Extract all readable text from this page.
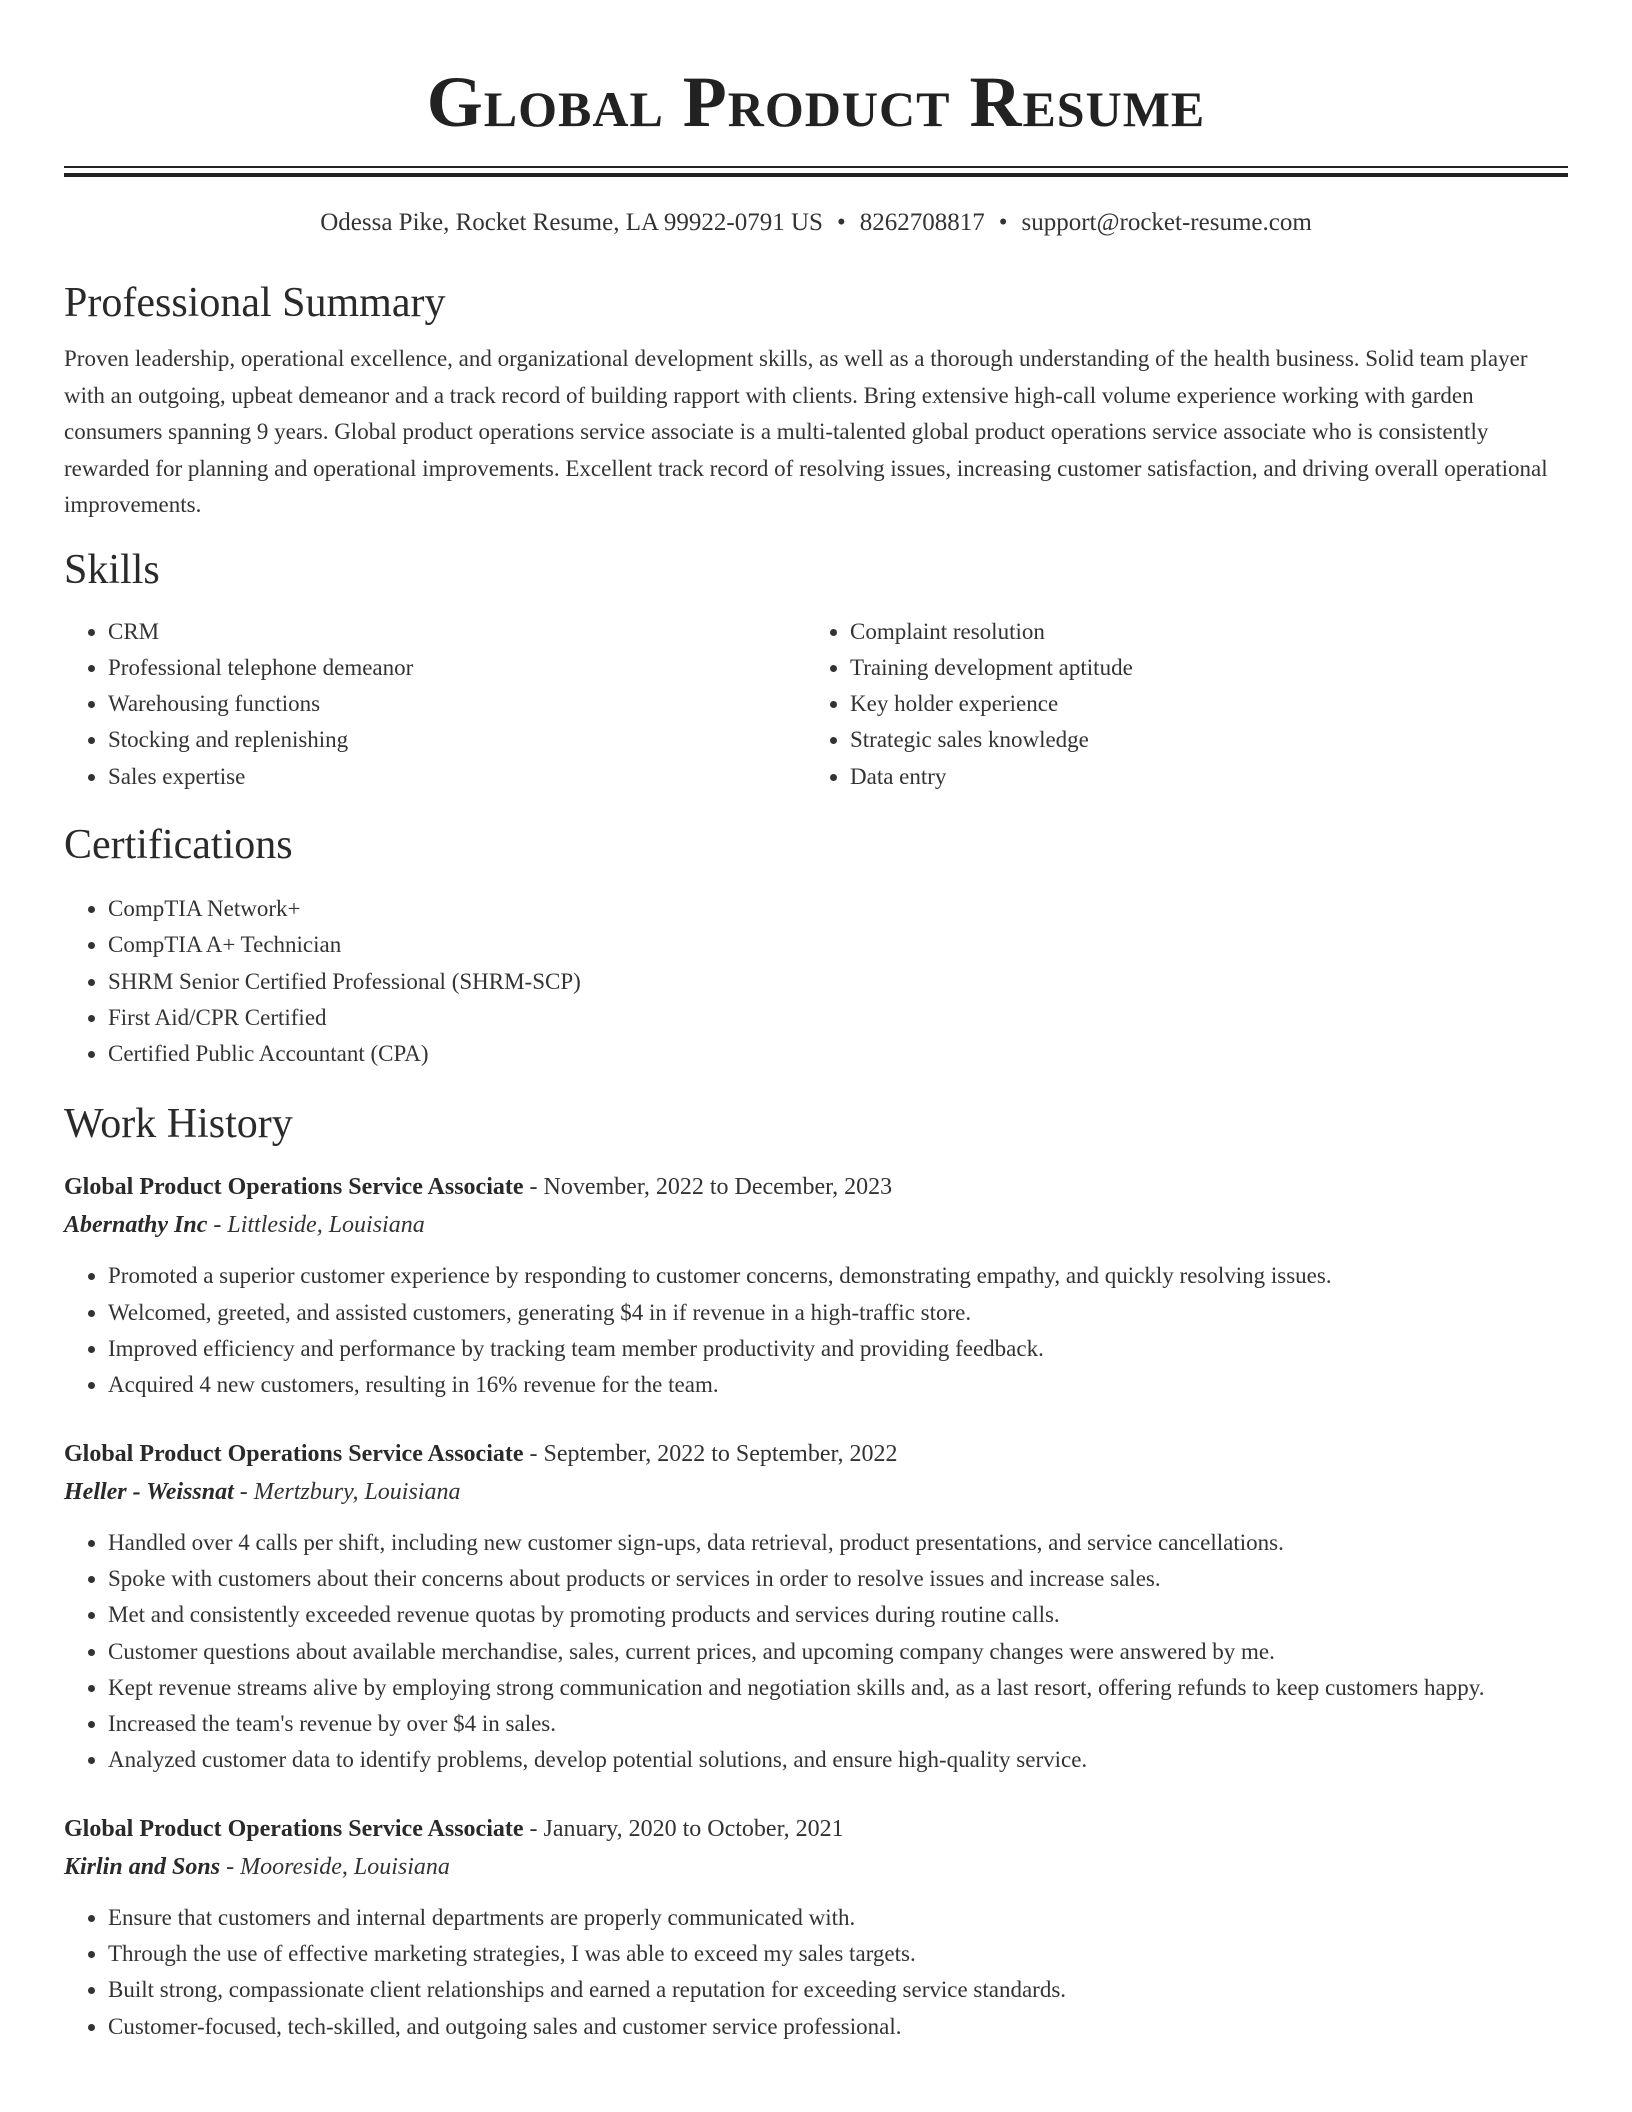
Global Product Resume
Odessa Pike, Rocket Resume, LA 99922-0791 US • 8262708817 • support@rocket-resume.com
Professional Summary
Proven leadership, operational excellence, and organizational development skills, as well as a thorough understanding of the health business. Solid team player with an outgoing, upbeat demeanor and a track record of building rapport with clients. Bring extensive high-call volume experience working with garden consumers spanning 9 years. Global product operations service associate is a multi-talented global product operations service associate who is consistently rewarded for planning and operational improvements. Excellent track record of resolving issues, increasing customer satisfaction, and driving overall operational improvements.
Skills
• CRM
• Professional telephone demeanor
• Warehousing functions
• Stocking and replenishing
• Sales expertise
• Complaint resolution
• Training development aptitude
• Key holder experience
• Strategic sales knowledge
• Data entry
Certifications
• CompTIA Network+
• CompTIA A+ Technician
• SHRM Senior Certified Professional (SHRM-SCP)
• First Aid/CPR Certified
• Certified Public Accountant (CPA)
Work History
Global Product Operations Service Associate - November, 2022 to December, 2023
Abernathy Inc - Littleside, Louisiana
• Promoted a superior customer experience by responding to customer concerns, demonstrating empathy, and quickly resolving issues.
• Welcomed, greeted, and assisted customers, generating $4 in if revenue in a high-traffic store.
• Improved efficiency and performance by tracking team member productivity and providing feedback.
• Acquired 4 new customers, resulting in 16% revenue for the team.
Global Product Operations Service Associate - September, 2022 to September, 2022
Heller - Weissnat - Mertzbury, Louisiana
• Handled over 4 calls per shift, including new customer sign-ups, data retrieval, product presentations, and service cancellations.
• Spoke with customers about their concerns about products or services in order to resolve issues and increase sales.
• Met and consistently exceeded revenue quotas by promoting products and services during routine calls.
• Customer questions about available merchandise, sales, current prices, and upcoming company changes were answered by me.
• Kept revenue streams alive by employing strong communication and negotiation skills and, as a last resort, offering refunds to keep customers happy.
• Increased the team's revenue by over $4 in sales.
• Analyzed customer data to identify problems, develop potential solutions, and ensure high-quality service.
Global Product Operations Service Associate - January, 2020 to October, 2021
Kirlin and Sons - Mooreside, Louisiana
• Ensure that customers and internal departments are properly communicated with.
• Through the use of effective marketing strategies, I was able to exceed my sales targets.
• Built strong, compassionate client relationships and earned a reputation for exceeding service standards.
• Customer-focused, tech-skilled, and outgoing sales and customer service professional.
